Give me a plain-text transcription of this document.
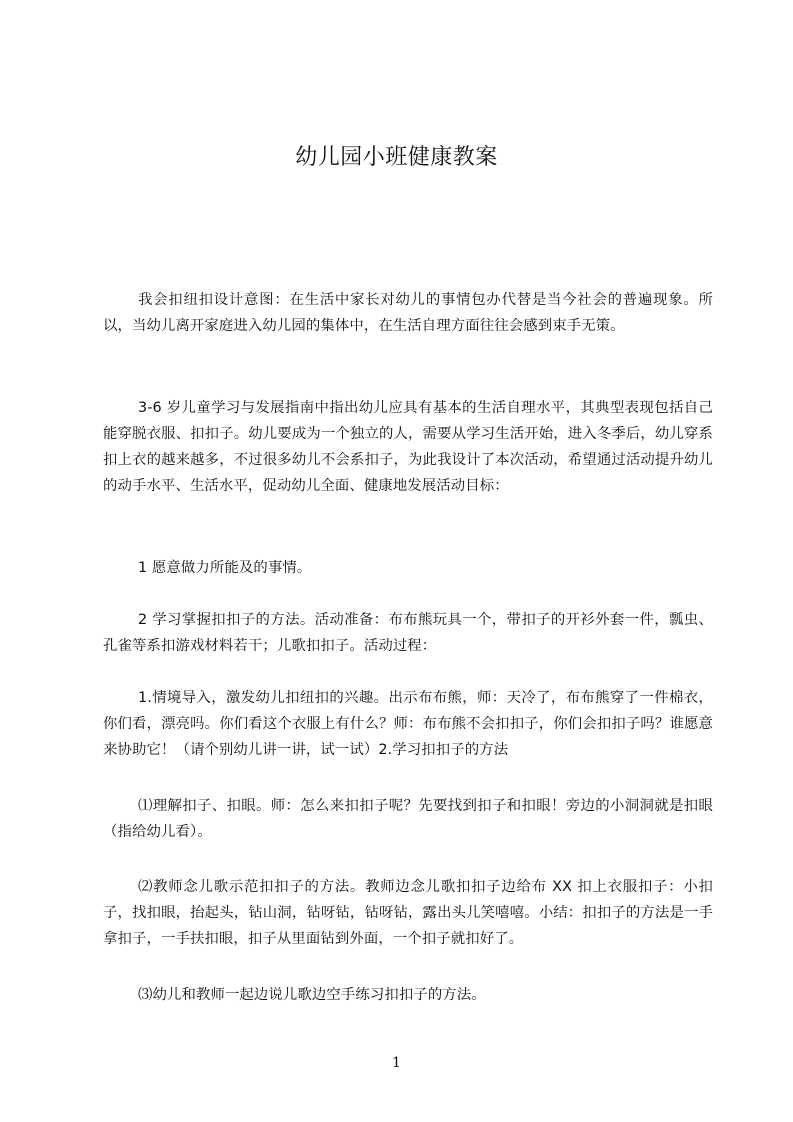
幼儿园小班健康教案
我会扣纽扣设计意图：在生活中家长对幼儿的事情包办代替是当今社会的普遍现象。所以，当幼儿离开家庭进入幼儿园的集体中，在生活自理方面往往会感到束手无策。
3-6 岁儿童学习与发展指南中指出幼儿应具有基本的生活自理水平，其典型表现包括自己能穿脱衣服、扣扣子。幼儿要成为一个独立的人，需要从学习生活开始，进入冬季后，幼儿穿系扣上衣的越来越多，不过很多幼儿不会系扣子，为此我设计了本次活动，希望通过活动提升幼儿的动手水平、生活水平，促动幼儿全面、健康地发展活动目标：
1 愿意做力所能及的事情。
2 学习掌握扣扣子的方法。活动准备：布布熊玩具一个，带扣子的开衫外套一件，瓢虫、孔雀等系扣游戏材料若干；儿歌扣扣子。活动过程：
1.情境导入，激发幼儿扣纽扣的兴趣。出示布布熊，师：天冷了，布布熊穿了一件棉衣，你们看，漂亮吗。你们看这个衣服上有什么？师：布布熊不会扣扣子，你们会扣扣子吗？谁愿意来协助它！（请个别幼儿讲一讲，试一试）2.学习扣扣子的方法
⑴理解扣子、扣眼。师：怎么来扣扣子呢？先要找到扣子和扣眼！旁边的小洞洞就是扣眼（指给幼儿看）。
⑵教师念儿歌示范扣扣子的方法。教师边念儿歌扣扣子边给布 XX 扣上衣服扣子：小扣子，找扣眼，抬起头，钻山洞，钻呀钻，钻呀钻，露出头儿笑嘻嘻。小结：扣扣子的方法是一手拿扣子，一手扶扣眼，扣子从里面钻到外面，一个扣子就扣好了。
⑶幼儿和教师一起边说儿歌边空手练习扣扣子的方法。
1
